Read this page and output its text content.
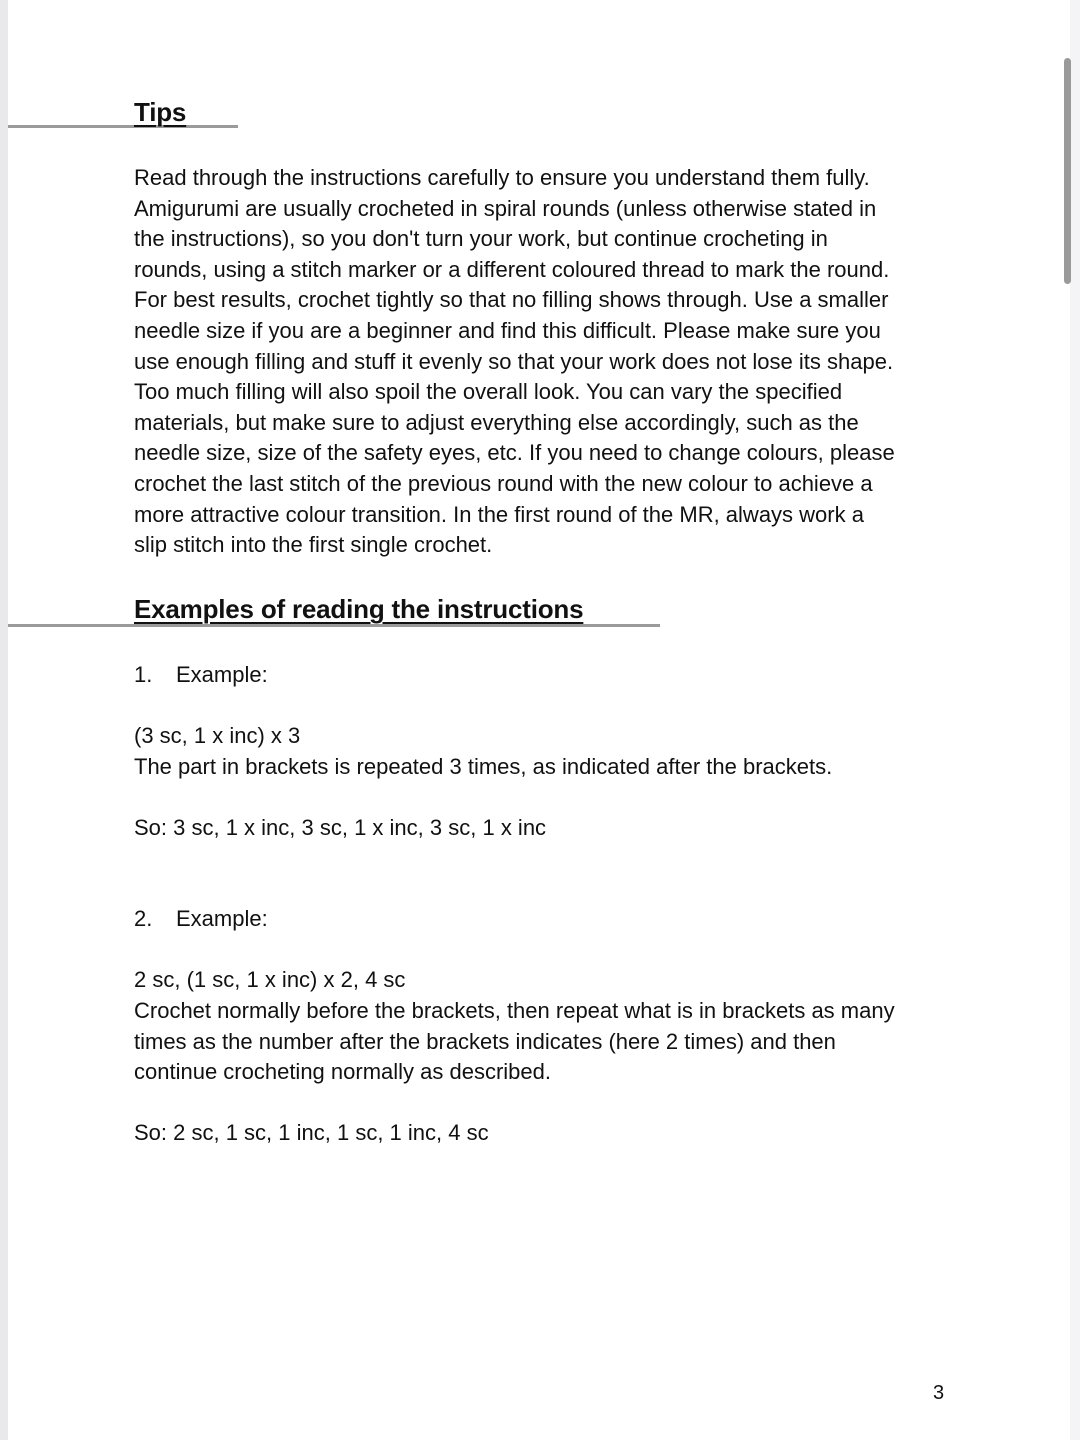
Tips
Read through the instructions carefully to ensure you understand them fully.
Amigurumi are usually crocheted in spiral rounds (unless otherwise stated in
the instructions), so you don't turn your work, but continue crocheting in
rounds, using a stitch marker or a different coloured thread to mark the round.
For best results, crochet tightly so that no filling shows through. Use a smaller
needle size if you are a beginner and find this difficult. Please make sure you
use enough filling and stuff it evenly so that your work does not lose its shape.
Too much filling will also spoil the overall look. You can vary the specified
materials, but make sure to adjust everything else accordingly, such as the
needle size, size of the safety eyes, etc. If you need to change colours, please
crochet the last stitch of the previous round with the new colour to achieve a
more attractive colour transition. In the first round of the MR, always work a
slip stitch into the first single crochet.
Examples of reading the instructions
1. Example:
(3 sc, 1 x inc) x 3
The part in brackets is repeated 3 times, as indicated after the brackets.
So: 3 sc, 1 x inc, 3 sc, 1 x inc, 3 sc, 1 x inc
2. Example:
2 sc, (1 sc, 1 x inc) x 2, 4 sc
Crochet normally before the brackets, then repeat what is in brackets as many
times as the number after the brackets indicates (here 2 times) and then
continue crocheting normally as described.
So: 2 sc, 1 sc, 1 inc, 1 sc, 1 inc, 4 sc
3
